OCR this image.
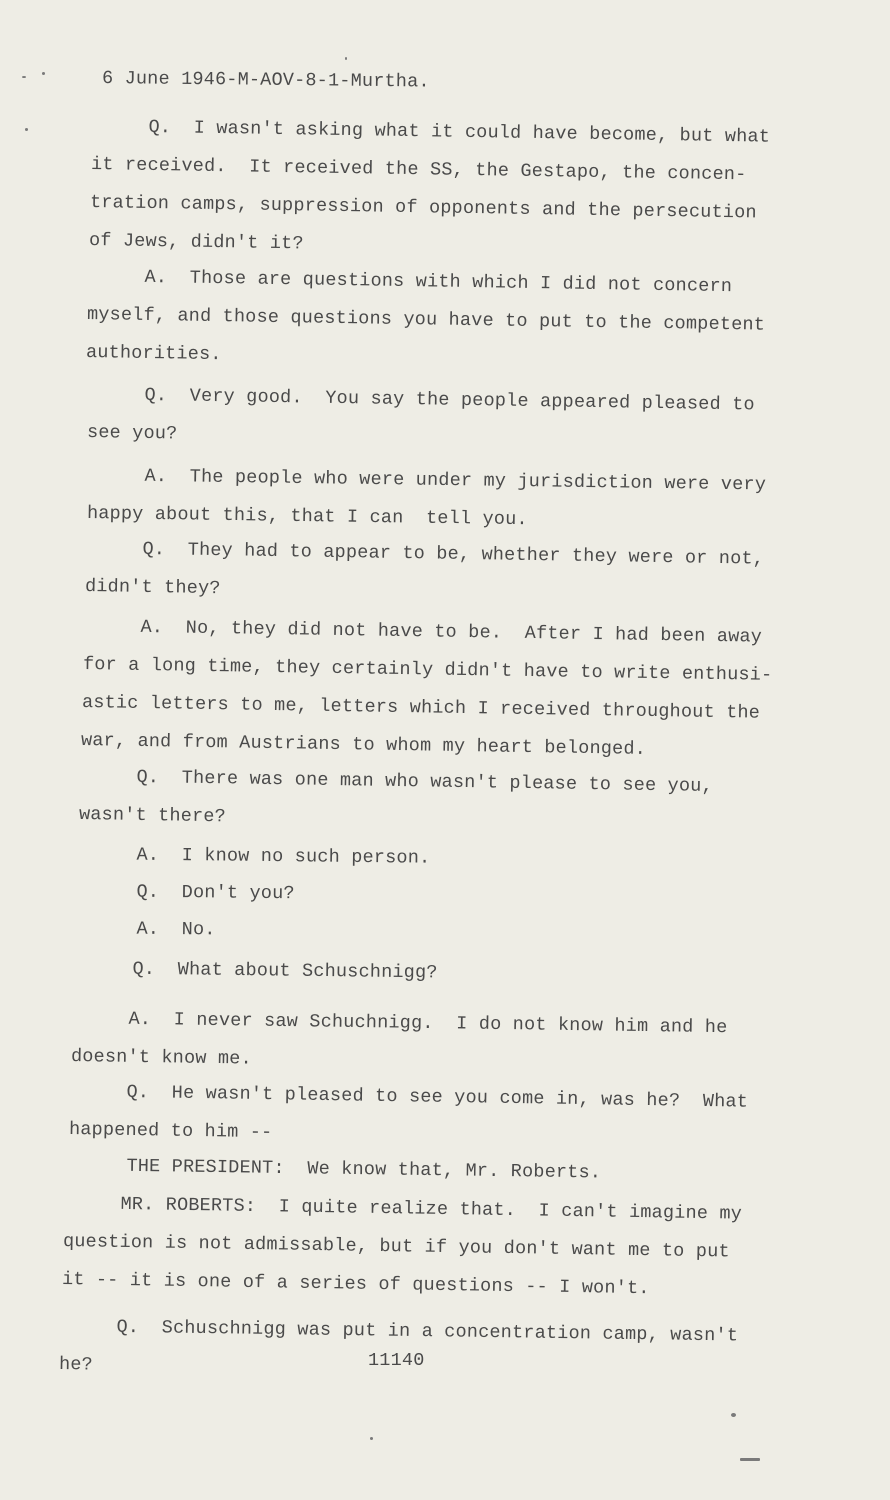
6 June 1946-M-AOV-8-1-Murtha.

Q.  I wasn't asking what it could have become, but what

it received.  It received the SS, the Gestapo, the concen-

tration camps, suppression of opponents and the persecution

of Jews, didn't it?

A.  Those are questions with which I did not concern

myself, and those questions you have to put to the competent

authorities.

Q.  Very good.  You say the people appeared pleased to

see you?

A.  The people who were under my jurisdiction were very

happy about this, that I can  tell you.

Q.  They had to appear to be, whether they were or not,

didn't they?

A.  No, they did not have to be.  After I had been away

for a long time, they certainly didn't have to write enthusi-

astic letters to me, letters which I received throughout the

war, and from Austrians to whom my heart belonged.

Q.  There was one man who wasn't please to see you,

wasn't there?

A.  I know no such person.

Q.  Don't you?

A.  No.

Q.  What about Schuschnigg?

A.  I never saw Schuchnigg.  I do not know him and he

doesn't know me.

Q.  He wasn't pleased to see you come in, was he?  What

happened to him --

THE PRESIDENT:  We know that, Mr. Roberts.

MR. ROBERTS:  I quite realize that.  I can't imagine my

question is not admissable, but if you don't want me to put

it -- it is one of a series of questions -- I won't.

Q.  Schuschnigg was put in a concentration camp, wasn't

he?	11140
